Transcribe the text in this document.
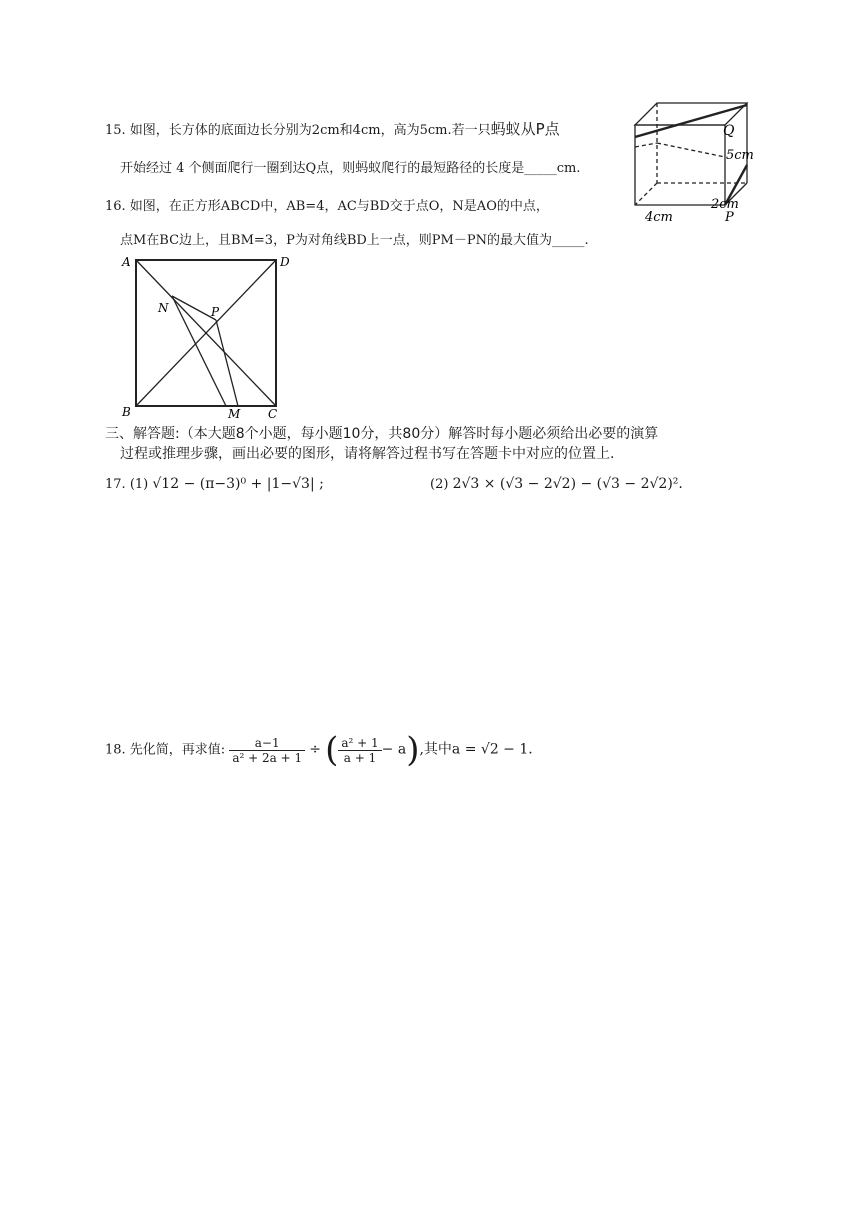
15. 如图，长方体的底面边长分别为2cm和4cm，高为5cm.若一只蚂蚁从P点
开始经过 4 个侧面爬行一圈到达Q点，则蚂蚁爬行的最短路径的长度是_____cm.
Q
P
5cm
2cm
4cm
16. 如图，在正方形ABCD中，AB=4，AC与BD交于点O，N是AO的中点，
点M在BC边上，且BM=3，P为对角线BD上一点，则PM－PN的最大值为_____.
A	D
B	C
N	P
M
三、解答题:（本大题8个小题，每小题10分，共80分）解答时每小题必须给出必要的演算
过程或推理步骤，画出必要的图形，请将解答过程书写在答题卡中对应的位置上.
17. (1) √12 − (π−3)⁰ + |1−√3| ;	(2) 2√3 × (√3 − 2√2) − (√3 − 2√2)².
18. 先化简，再求值: $\frac{a-1}{\text{a² + 2a + 1}}$ ÷ ( $\frac{\text{a² + 1}}{a + 1} - a$),其中a = √2 − 1.
